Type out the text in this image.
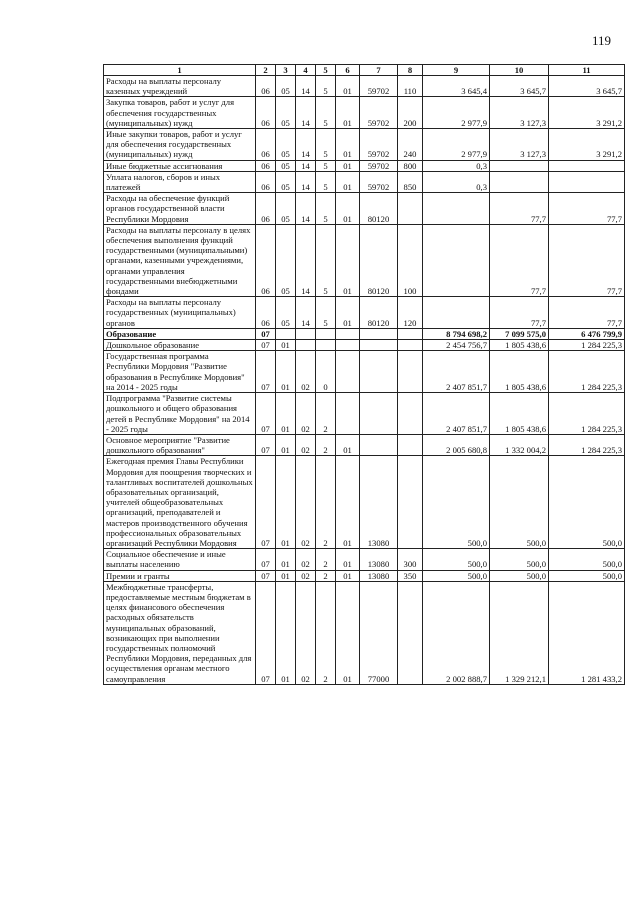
119
1	2	3	4	5	6	7	8	9	10	11
Расходы на выплаты персоналу казенных учреждений	06	05	14	5	01	59702	110	3 645,4	3 645,7	3 645,7
Закупка товаров, работ и услуг для обеспечения государственных (муниципальных) нужд	06	05	14	5	01	59702	200	2 977,9	3 127,3	3 291,2
Иные закупки товаров, работ и услуг для обеспечения государственных (муниципальных) нужд	06	05	14	5	01	59702	240	2 977,9	3 127,3	3 291,2
Иные бюджетные ассигнования	06	05	14	5	01	59702	800	0,3		
Уплата налогов, сборов и иных платежей	06	05	14	5	01	59702	850	0,3		
Расходы на обеспечение функций органов государственной власти Республики Мордовия	06	05	14	5	01	80120			77,7	77,7
Расходы на выплаты персоналу в целях обеспечения выполнения функций государственными (муниципальными) органами, казенными учреждениями, органами управления государственными внебюджетными фондами	06	05	14	5	01	80120	100		77,7	77,7
Расходы на выплаты персоналу государственных (муниципальных) органов	06	05	14	5	01	80120	120		77,7	77,7
Образование	07							8 794 698,2	7 099 575,0	6 476 799,9
Дошкольное образование	07	01						2 454 756,7	1 805 438,6	1 284 225,3
Государственная программа Республики Мордовия "Развитие образования в Республике Мордовия" на 2014 - 2025 годы	07	01	02	0				2 407 851,7	1 805 438,6	1 284 225,3
Подпрограмма "Развитие системы дошкольного и общего образования детей в Республике Мордовия" на 2014 - 2025 годы	07	01	02	2				2 407 851,7	1 805 438,6	1 284 225,3
Основное мероприятие "Развитие дошкольного образования"	07	01	02	2	01			2 005 680,8	1 332 004,2	1 284 225,3
Ежегодная премия Главы Республики Мордовия для поощрения творческих и талантливых воспитателей дошкольных образовательных организаций, учителей общеобразовательных организаций, преподавателей и мастеров производственного обучения профессиональных образовательных организаций Республики Мордовия	07	01	02	2	01	13080		500,0	500,0	500,0
Социальное обеспечение и иные выплаты населению	07	01	02	2	01	13080	300	500,0	500,0	500,0
Премии и гранты	07	01	02	2	01	13080	350	500,0	500,0	500,0
Межбюджетные трансферты, предоставляемые местным бюджетам в целях финансового обеспечения расходных обязательств муниципальных образований, возникающих при выполнении государственных полномочий Республики Мордовия, переданных для осуществления органам местного самоуправления	07	01	02	2	01	77000		2 002 888,7	1 329 212,1	1 281 433,2
